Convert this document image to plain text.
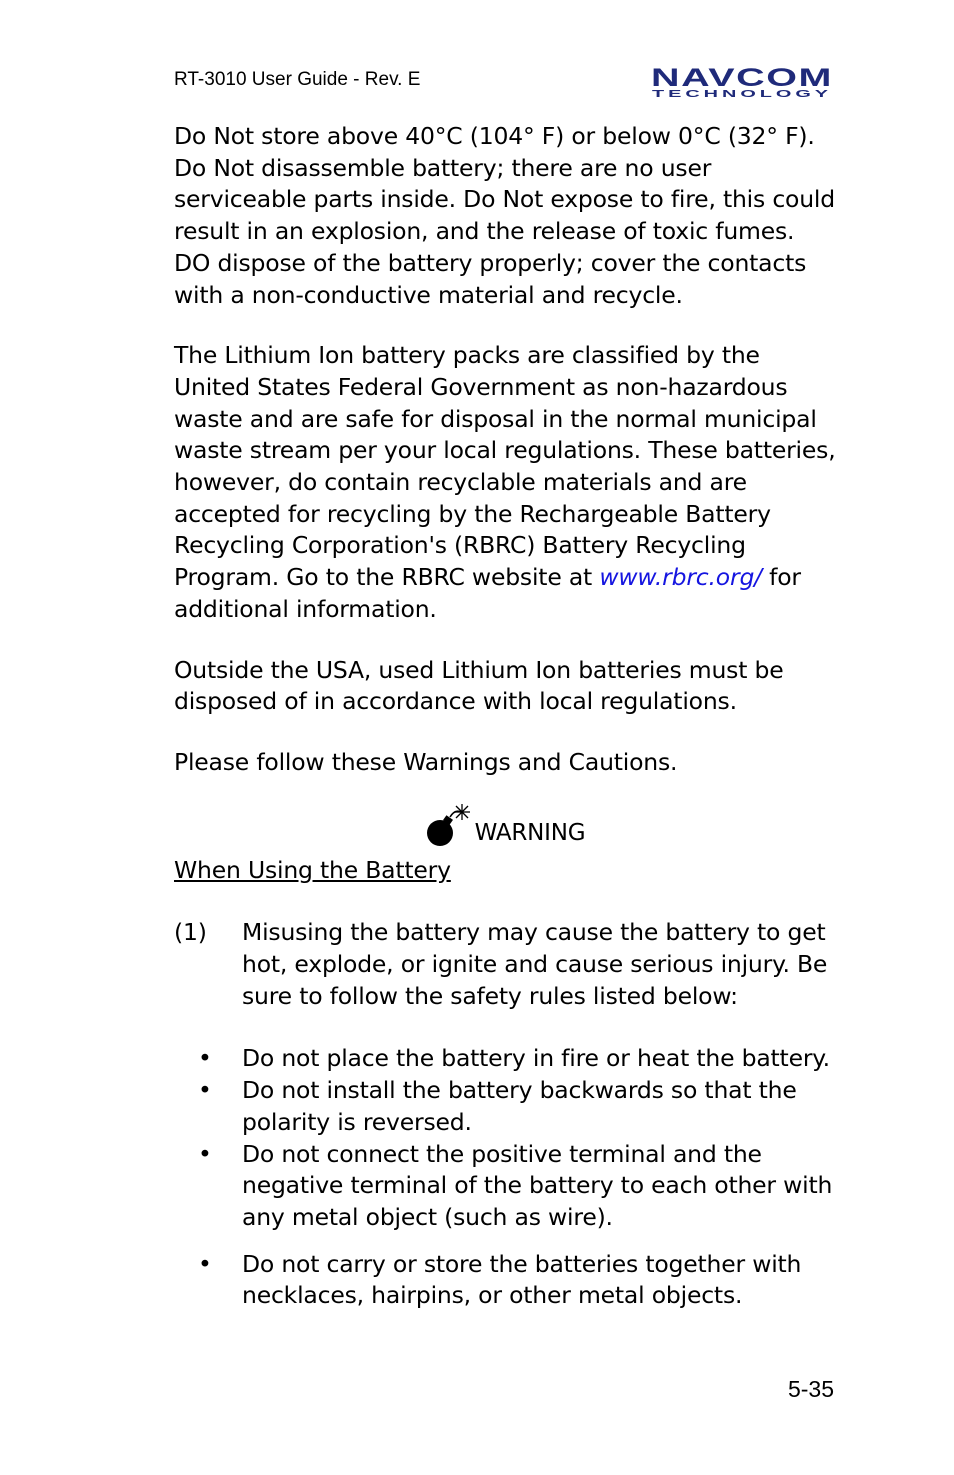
RT-3010 User Guide - Rev. E	NAVCOM
TECHNOLOGY

Do Not store above 40°C (104° F) or below 0°C (32° F). Do Not disassemble battery; there are no user serviceable parts inside. Do Not expose to fire, this could result in an explosion, and the release of toxic fumes. DO dispose of the battery properly; cover the contacts with a non-conductive material and recycle.

The Lithium Ion battery packs are classified by the United States Federal Government as non-hazardous waste and are safe for disposal in the normal municipal waste stream per your local regulations. These batteries, however, do contain recyclable materials and are accepted for recycling by the Rechargeable Battery Recycling Corporation's (RBRC) Battery Recycling Program. Go to the RBRC website at www.rbrc.org/ for additional information.

Outside the USA, used Lithium Ion batteries must be disposed of in accordance with local regulations.

Please follow these Warnings and Cautions.

WARNING

When Using the Battery

(1)	Misusing the battery may cause the battery to get hot, explode, or ignite and cause serious injury. Be sure to follow the safety rules listed below:
•	Do not place the battery in fire or heat the battery.
•	Do not install the battery backwards so that the polarity is reversed.
•	Do not connect the positive terminal and the negative terminal of the battery to each other with any metal object (such as wire).
•	Do not carry or store the batteries together with necklaces, hairpins, or other metal objects.
5-35
